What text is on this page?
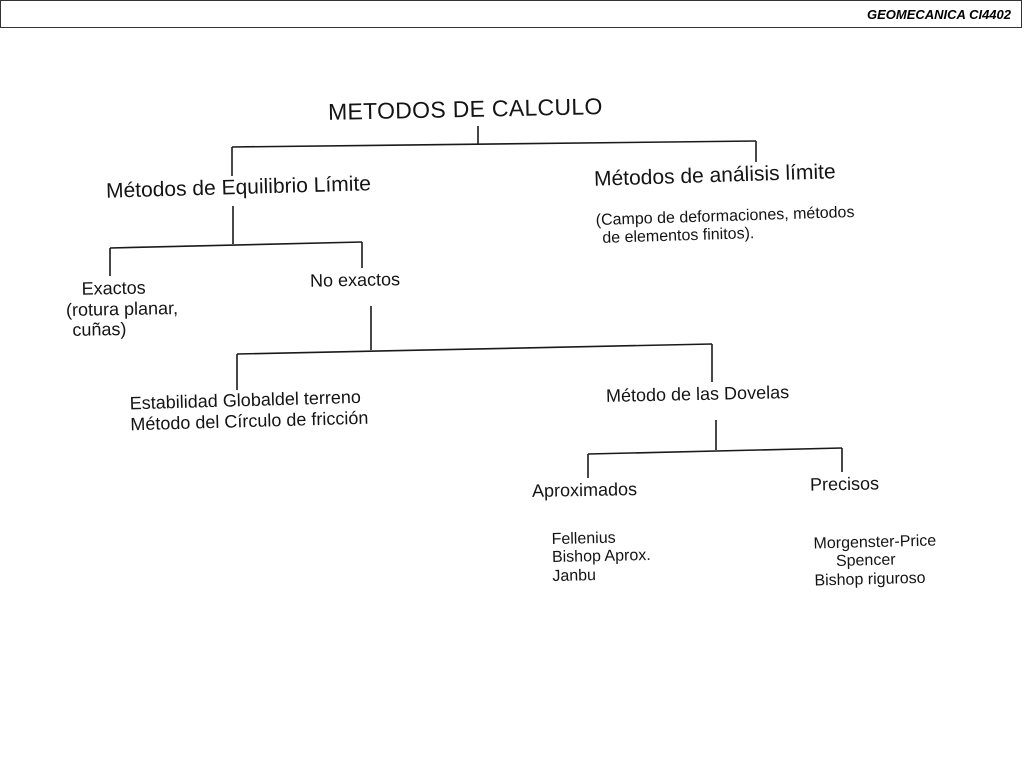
GEOMECANICA CI4402
METODOS DE CALCULO
Métodos de Equilibrio Límite	Métodos de análisis límite
(Campo de deformaciones, métodos
de elementos finitos).
Exactos
(rotura planar,
cuñas)
No exactos
Estabilidad Globaldel terreno
Método del Círculo de fricción
Método de las Dovelas
Aproximados	Precisos
Fellenius
Bishop Aprox.
Janbu
Morgenster-Price
Spencer
Bishop riguroso
